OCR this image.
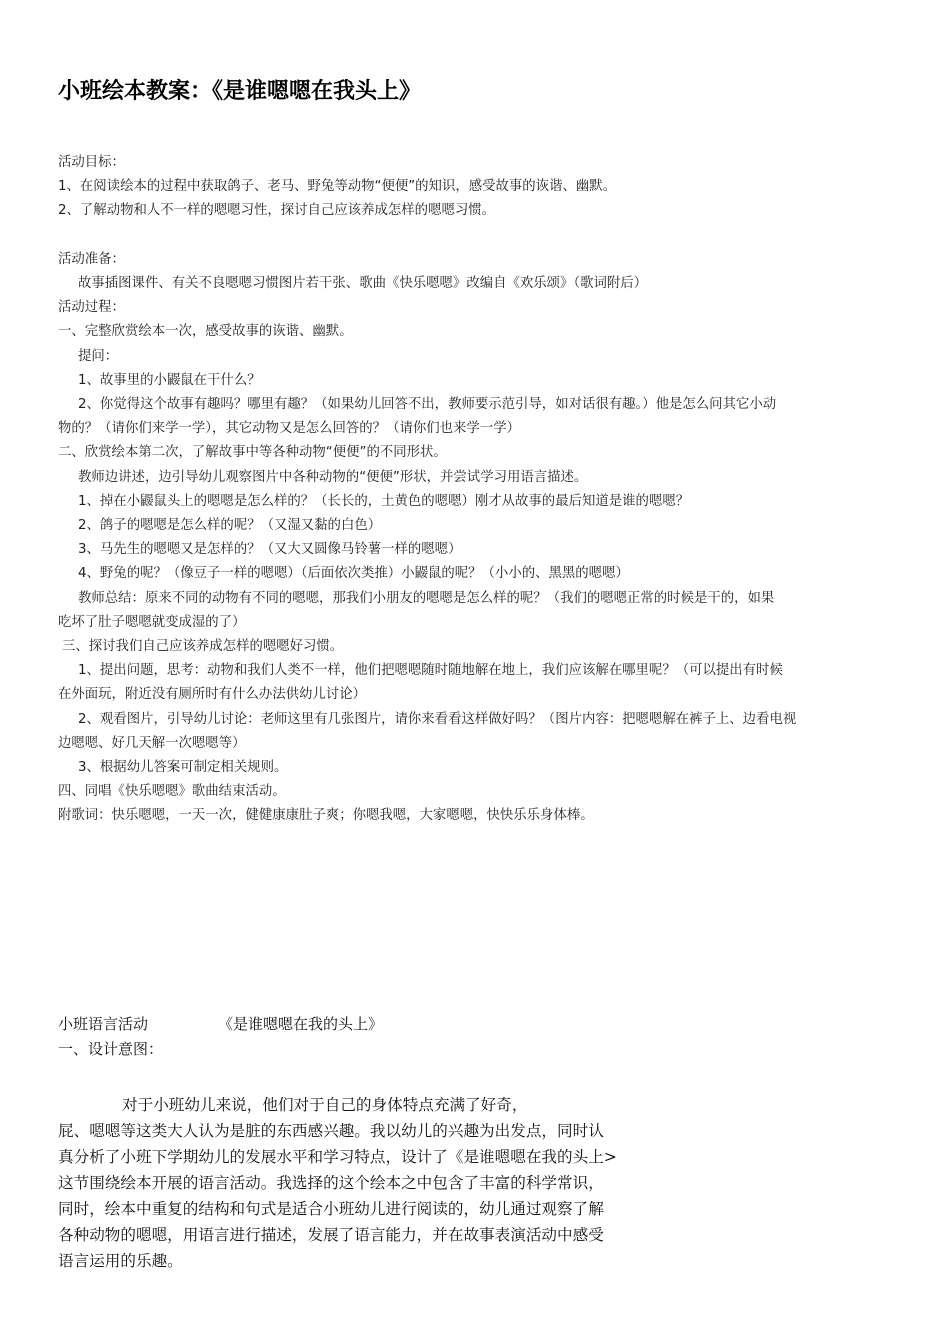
小班绘本教案：《是谁嗯嗯在我头上》
活动目标：
1、在阅读绘本的过程中获取鸽子、老马、野兔等动物“便便”的知识，感受故事的诙谐、幽默。
2、了解动物和人不一样的嗯嗯习性，探讨自己应该养成怎样的嗯嗯习惯。
活动准备：
故事插图课件、有关不良嗯嗯习惯图片若干张、歌曲《快乐嗯嗯》改编自《欢乐颂》（歌词附后）
活动过程：
一、完整欣赏绘本一次，感受故事的诙谐、幽默。
提问：
1、故事里的小鼹鼠在干什么？
2、你觉得这个故事有趣吗？哪里有趣？（如果幼儿回答不出，教师要示范引导，如对话很有趣。）他是怎么问其它小动
物的？（请你们来学一学），其它动物又是怎么回答的？（请你们也来学一学）
二、欣赏绘本第二次，了解故事中等各种动物“便便”的不同形状。
教师边讲述，边引导幼儿观察图片中各种动物的“便便”形状，并尝试学习用语言描述。
1、掉在小鼹鼠头上的嗯嗯是怎么样的？（长长的，土黄色的嗯嗯）刚才从故事的最后知道是谁的嗯嗯？
2、鸽子的嗯嗯是怎么样的呢？（又湿又黏的白色）
3、马先生的嗯嗯又是怎样的？（又大又圆像马铃薯一样的嗯嗯）
4、野兔的呢？（像豆子一样的嗯嗯）（后面依次类推）小鼹鼠的呢？（小小的、黑黑的嗯嗯）
教师总结：原来不同的动物有不同的嗯嗯，那我们小朋友的嗯嗯是怎么样的呢？（我们的嗯嗯正常的时候是干的，如果
吃坏了肚子嗯嗯就变成湿的了）
三、探讨我们自己应该养成怎样的嗯嗯好习惯。
1、提出问题，思考：动物和我们人类不一样，他们把嗯嗯随时随地解在地上，我们应该解在哪里呢？（可以提出有时候
在外面玩，附近没有厕所时有什么办法供幼儿讨论）
2、观看图片，引导幼儿讨论：老师这里有几张图片，请你来看看这样做好吗？（图片内容：把嗯嗯解在裤子上、边看电视
边嗯嗯、好几天解一次嗯嗯等）
3、根据幼儿答案可制定相关规则。
四、同唱《快乐嗯嗯》歌曲结束活动。
附歌词：快乐嗯嗯，一天一次，健健康康肚子爽；你嗯我嗯，大家嗯嗯，快快乐乐身体棒。
小班语言活动	《是谁嗯嗯在我的头上》
一、设计意图：
对于小班幼儿来说，他们对于自己的身体特点充满了好奇，
屁、嗯嗯等这类大人认为是脏的东西感兴趣。我以幼儿的兴趣为出发点，同时认
真分析了小班下学期幼儿的发展水平和学习特点，设计了《是谁嗯嗯在我的头上>
这节围绕绘本开展的语言活动。我选择的这个绘本之中包含了丰富的科学常识，
同时，绘本中重复的结构和句式是适合小班幼儿进行阅读的，幼儿通过观察了解
各种动物的嗯嗯，用语言进行描述，发展了语言能力，并在故事表演活动中感受
语言运用的乐趣。
